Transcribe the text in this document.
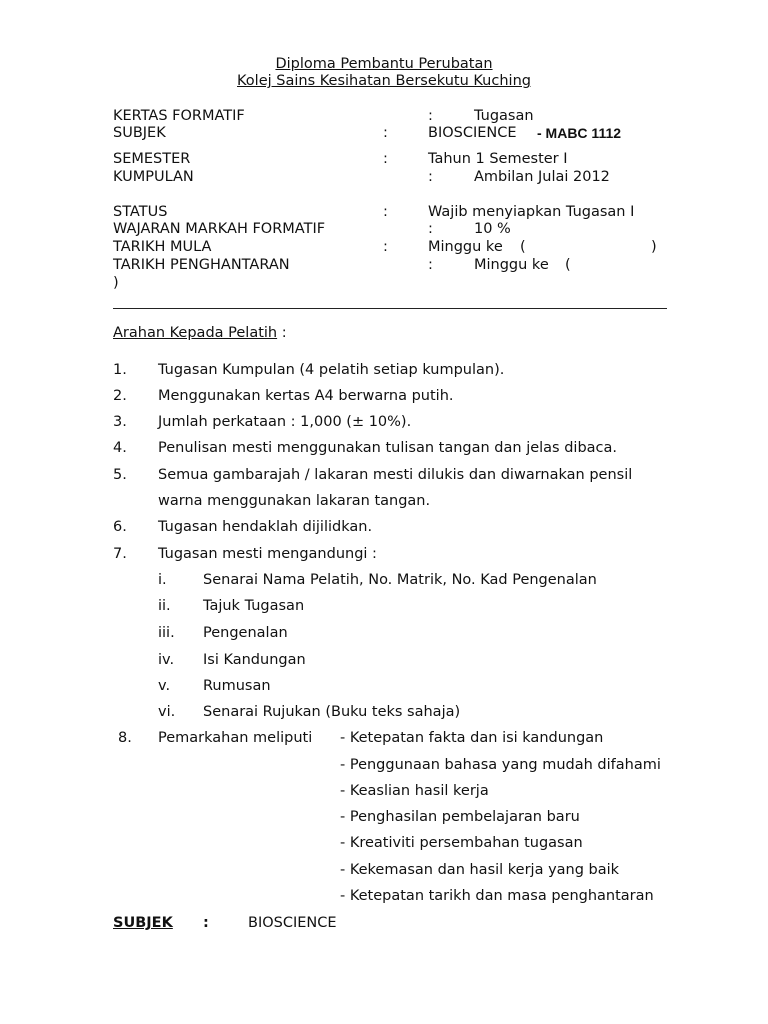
Diploma Pembantu Perubatan
Kolej Sains Kesihatan Bersekutu Kuching
KERTAS FORMATIF	:	Tugasan
SUBJEK	:	BIOSCIENCE - MABC 1112
SEMESTER	:	Tahun 1 Semester I
KUMPULAN	:	Ambilan Julai 2012
STATUS	:	Wajib menyiapkan Tugasan I
WAJARAN MARKAH FORMATIF	:	10 %
TARIKH MULA	:	Minggu ke (	)
TARIKH PENGHANTARAN	:	Minggu ke (
)
Arahan Kepada Pelatih :
1. Tugasan Kumpulan (4 pelatih setiap kumpulan).
2. Menggunakan kertas A4 berwarna putih.
3. Jumlah perkataan : 1,000 (± 10%).
4. Penulisan mesti menggunakan tulisan tangan dan jelas dibaca.
5. Semua gambarajah / lakaran mesti dilukis dan diwarnakan pensil
warna menggunakan lakaran tangan.
6. Tugasan hendaklah dijilidkan.
7. Tugasan mesti mengandungi :
i.	Senarai Nama Pelatih, No. Matrik, No. Kad Pengenalan
ii. Tajuk Tugasan
iii. Pengenalan
iv. Isi Kandungan
v. Rumusan
vi. Senarai Rujukan (Buku teks sahaja)
8. Pemarkahan meliputi - Ketepatan fakta dan isi kandungan
- Penggunaan bahasa yang mudah difahami
- Keaslian hasil kerja
- Penghasilan pembelajaran baru
- Kreativiti persembahan tugasan
- Kekemasan dan hasil kerja yang baik
- Ketepatan tarikh dan masa penghantaran
SUBJEK :	BIOSCIENCE
